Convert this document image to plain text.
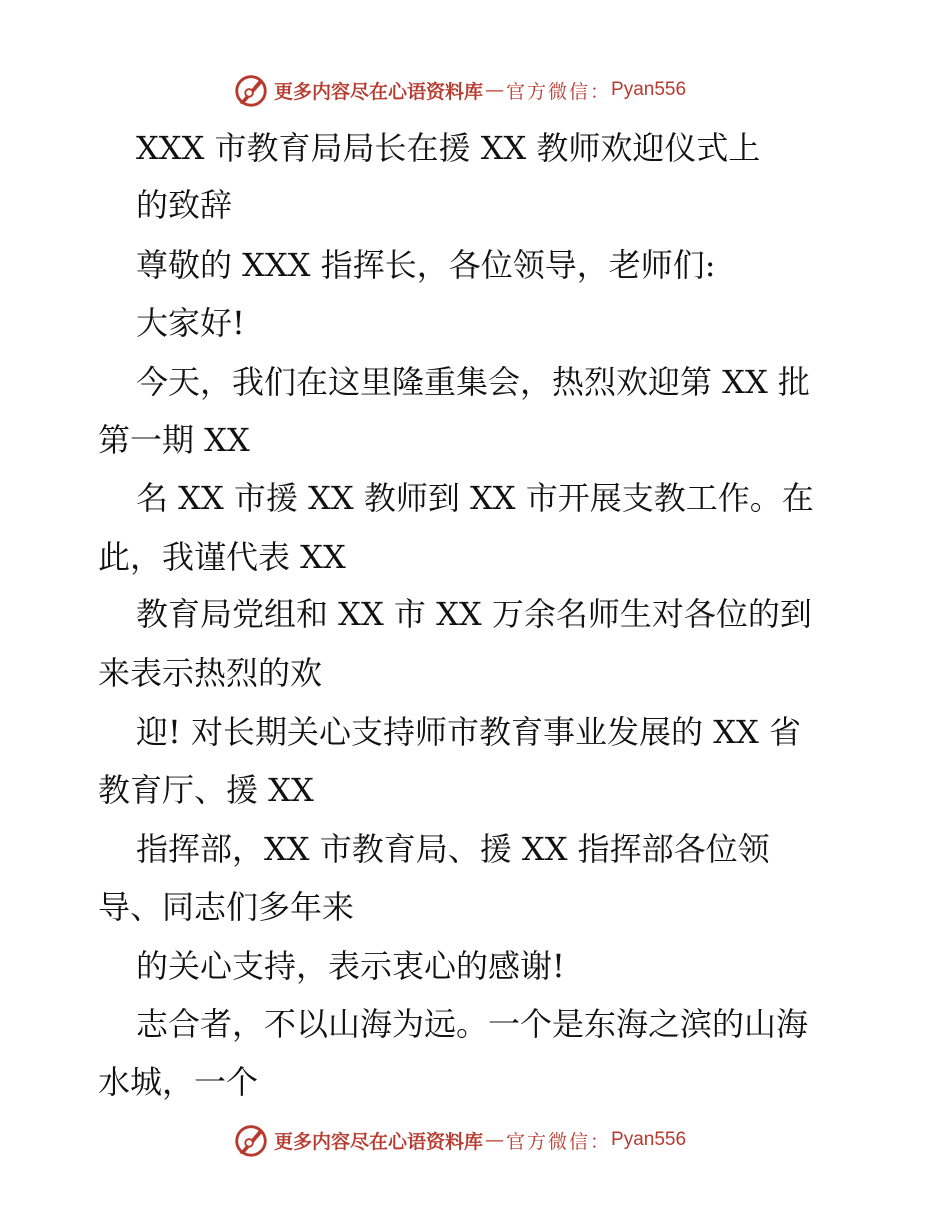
更多内容尽在心语资料库 — 官方微信： Pyan556
XXX 市教育局局长在援 XX 教师欢迎仪式上
的致辞
尊敬的 XXX 指挥长，各位领导，老师们:
大家好!
今天，我们在这里隆重集会，热烈欢迎第 XX 批
第一期 XX
名 XX 市援 XX 教师到 XX 市开展支教工作。在
此，我谨代表 XX
教育局党组和 XX 市 XX 万余名师生对各位的到
来表示热烈的欢
迎! 对长期关心支持师市教育事业发展的 XX 省
教育厅、援 XX
指挥部，XX 市教育局、援 XX 指挥部各位领
导、同志们多年来
的关心支持，表示衷心的感谢!
志合者，不以山海为远。一个是东海之滨的山海
水城，一个
更多内容尽在心语资料库 — 官方微信： Pyan556
